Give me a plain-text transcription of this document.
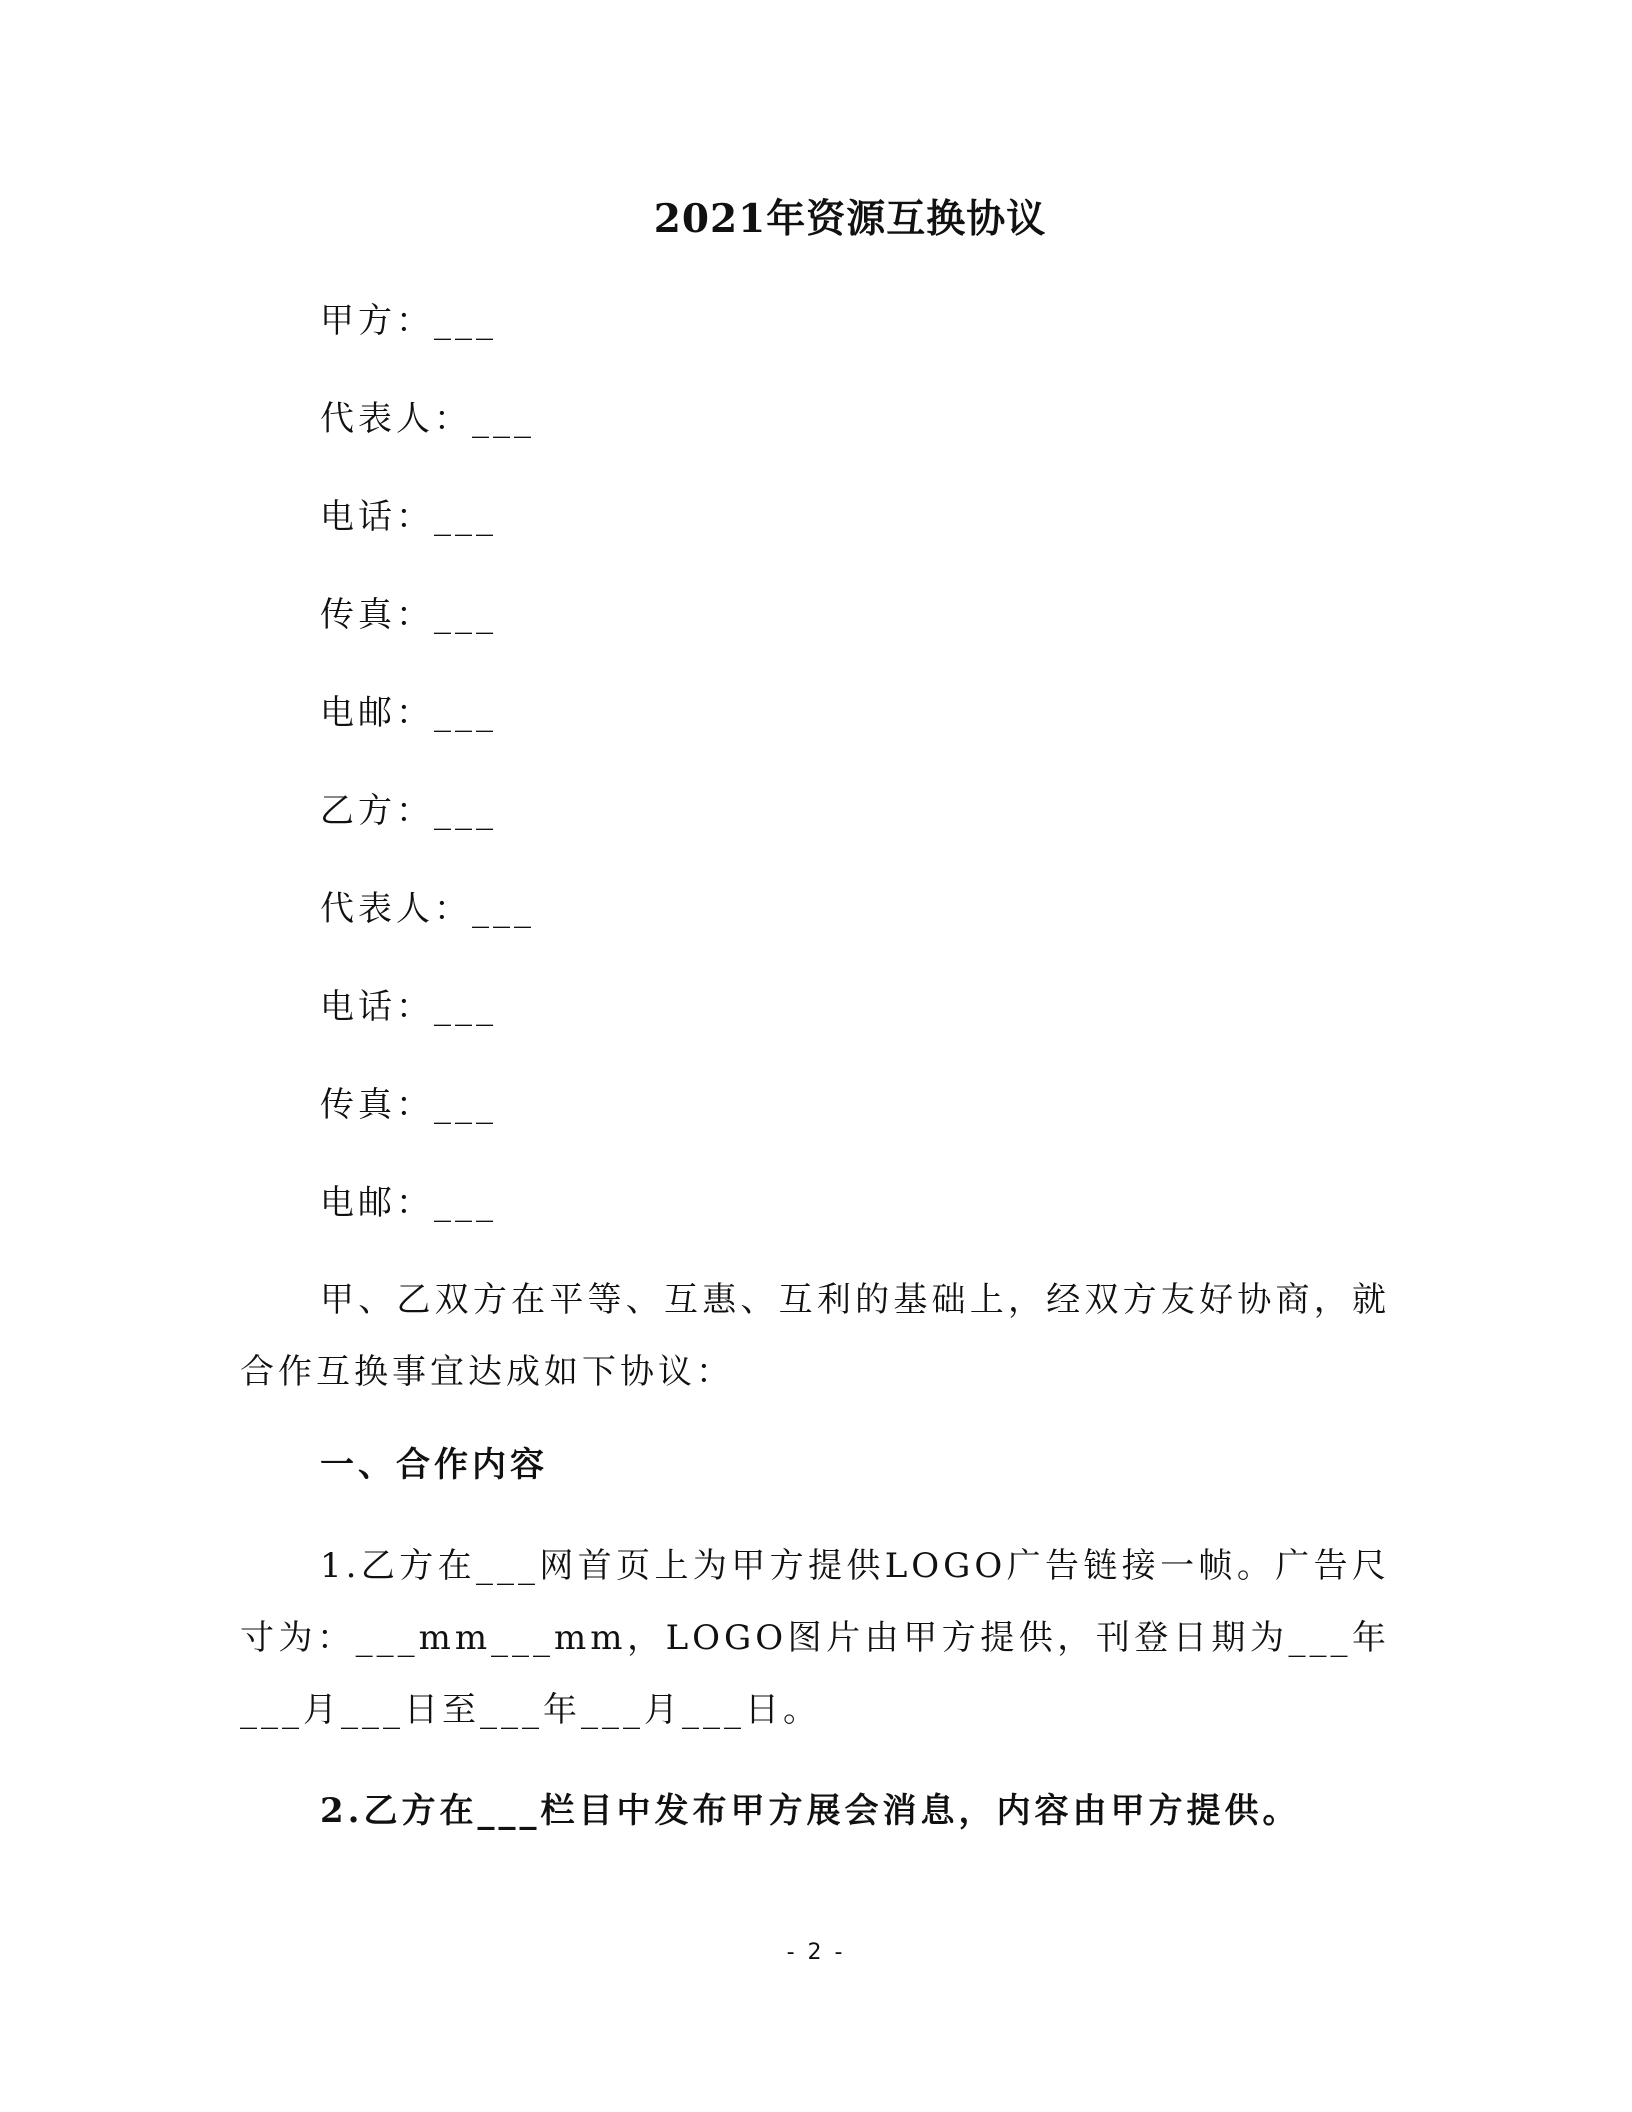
2021年资源互换协议
甲方：___
代表人：___
电话：___
传真：___
电邮：___
乙方：___
代表人：___
电话：___
传真：___
电邮：___
甲、乙双方在平等、互惠、互利的基础上，经双方友好协商，就合作互换事宜达成如下协议：
一、合作内容
1.乙方在___网首页上为甲方提供LOGO广告链接一帧。广告尺寸为：___mm___mm，LOGO图片由甲方提供，刊登日期为___年___月___日至___年___月___日。
2.乙方在___栏目中发布甲方展会消息，内容由甲方提供。
- 2 -
